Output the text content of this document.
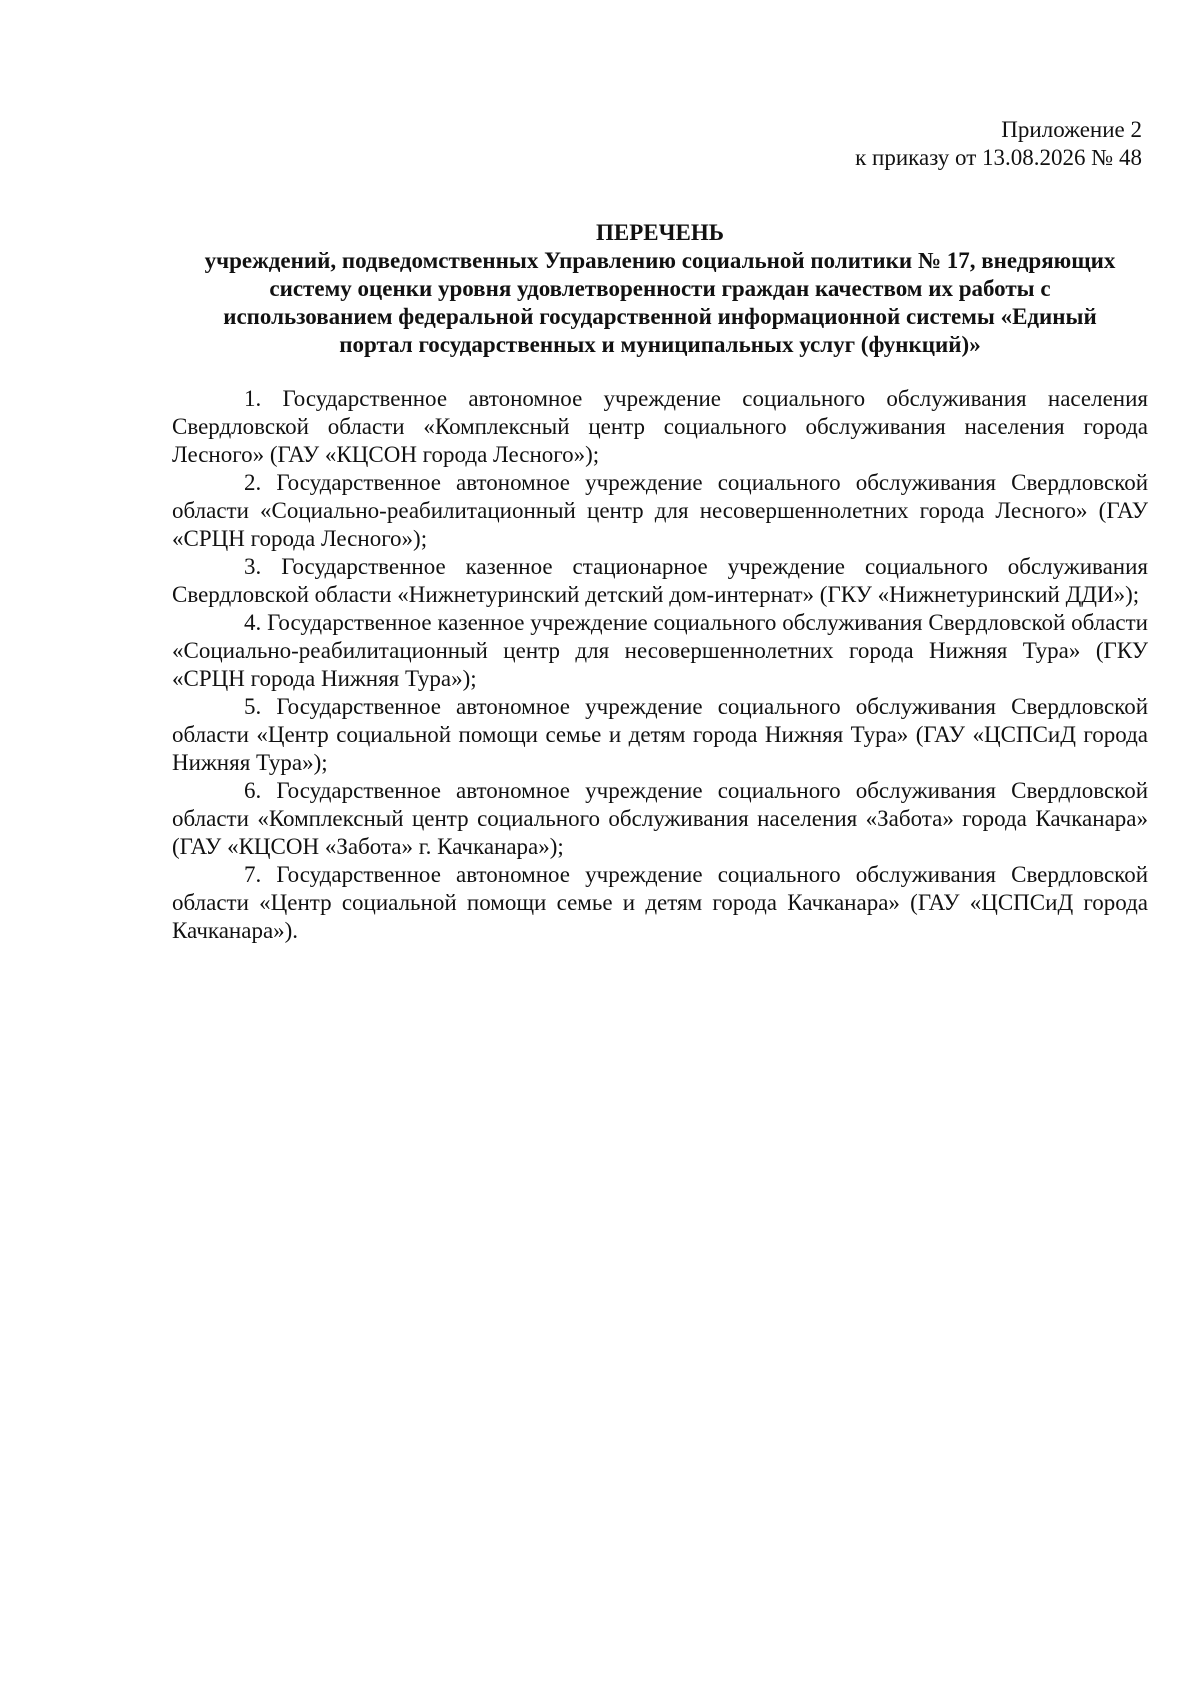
Приложение 2
к приказу от 13.08.2026 № 48
ПЕРЕЧЕНЬ
учреждений, подведомственных Управлению социальной политики № 17, внедряющих
систему оценки уровня удовлетворенности граждан качеством их работы с
использованием федеральной государственной информационной системы «Единый
портал государственных и муниципальных услуг (функций)»

1. Государственное автономное учреждение социального обслуживания населения Свердловской области «Комплексный центр социального обслуживания населения города Лесного» (ГАУ «КЦСОН города Лесного»);

2. Государственное автономное учреждение социального обслуживания Свердловской области «Социально-реабилитационный центр для несовершеннолетних города Лесного» (ГАУ «СРЦН города Лесного»);

3. Государственное казенное стационарное учреждение социального обслуживания Свердловской области «Нижнетуринский детский дом-интернат» (ГКУ «Нижнетуринский ДДИ»);

4. Государственное казенное учреждение социального обслуживания Свердловской области «Социально-реабилитационный центр для несовершеннолетних города Нижняя Тура» (ГКУ «СРЦН города Нижняя Тура»);

5. Государственное автономное учреждение социального обслуживания Свердловской области «Центр социальной помощи семье и детям города Нижняя Тура» (ГАУ «ЦСПСиД города Нижняя Тура»);

6. Государственное автономное учреждение социального обслуживания Свердловской области «Комплексный центр социального обслуживания населения «Забота» города Качканара» (ГАУ «КЦСОН «Забота» г. Качканара»);

7. Государственное автономное учреждение социального обслуживания Свердловской области «Центр социальной помощи семье и детям города Качканара» (ГАУ «ЦСПСиД города Качканара»).
